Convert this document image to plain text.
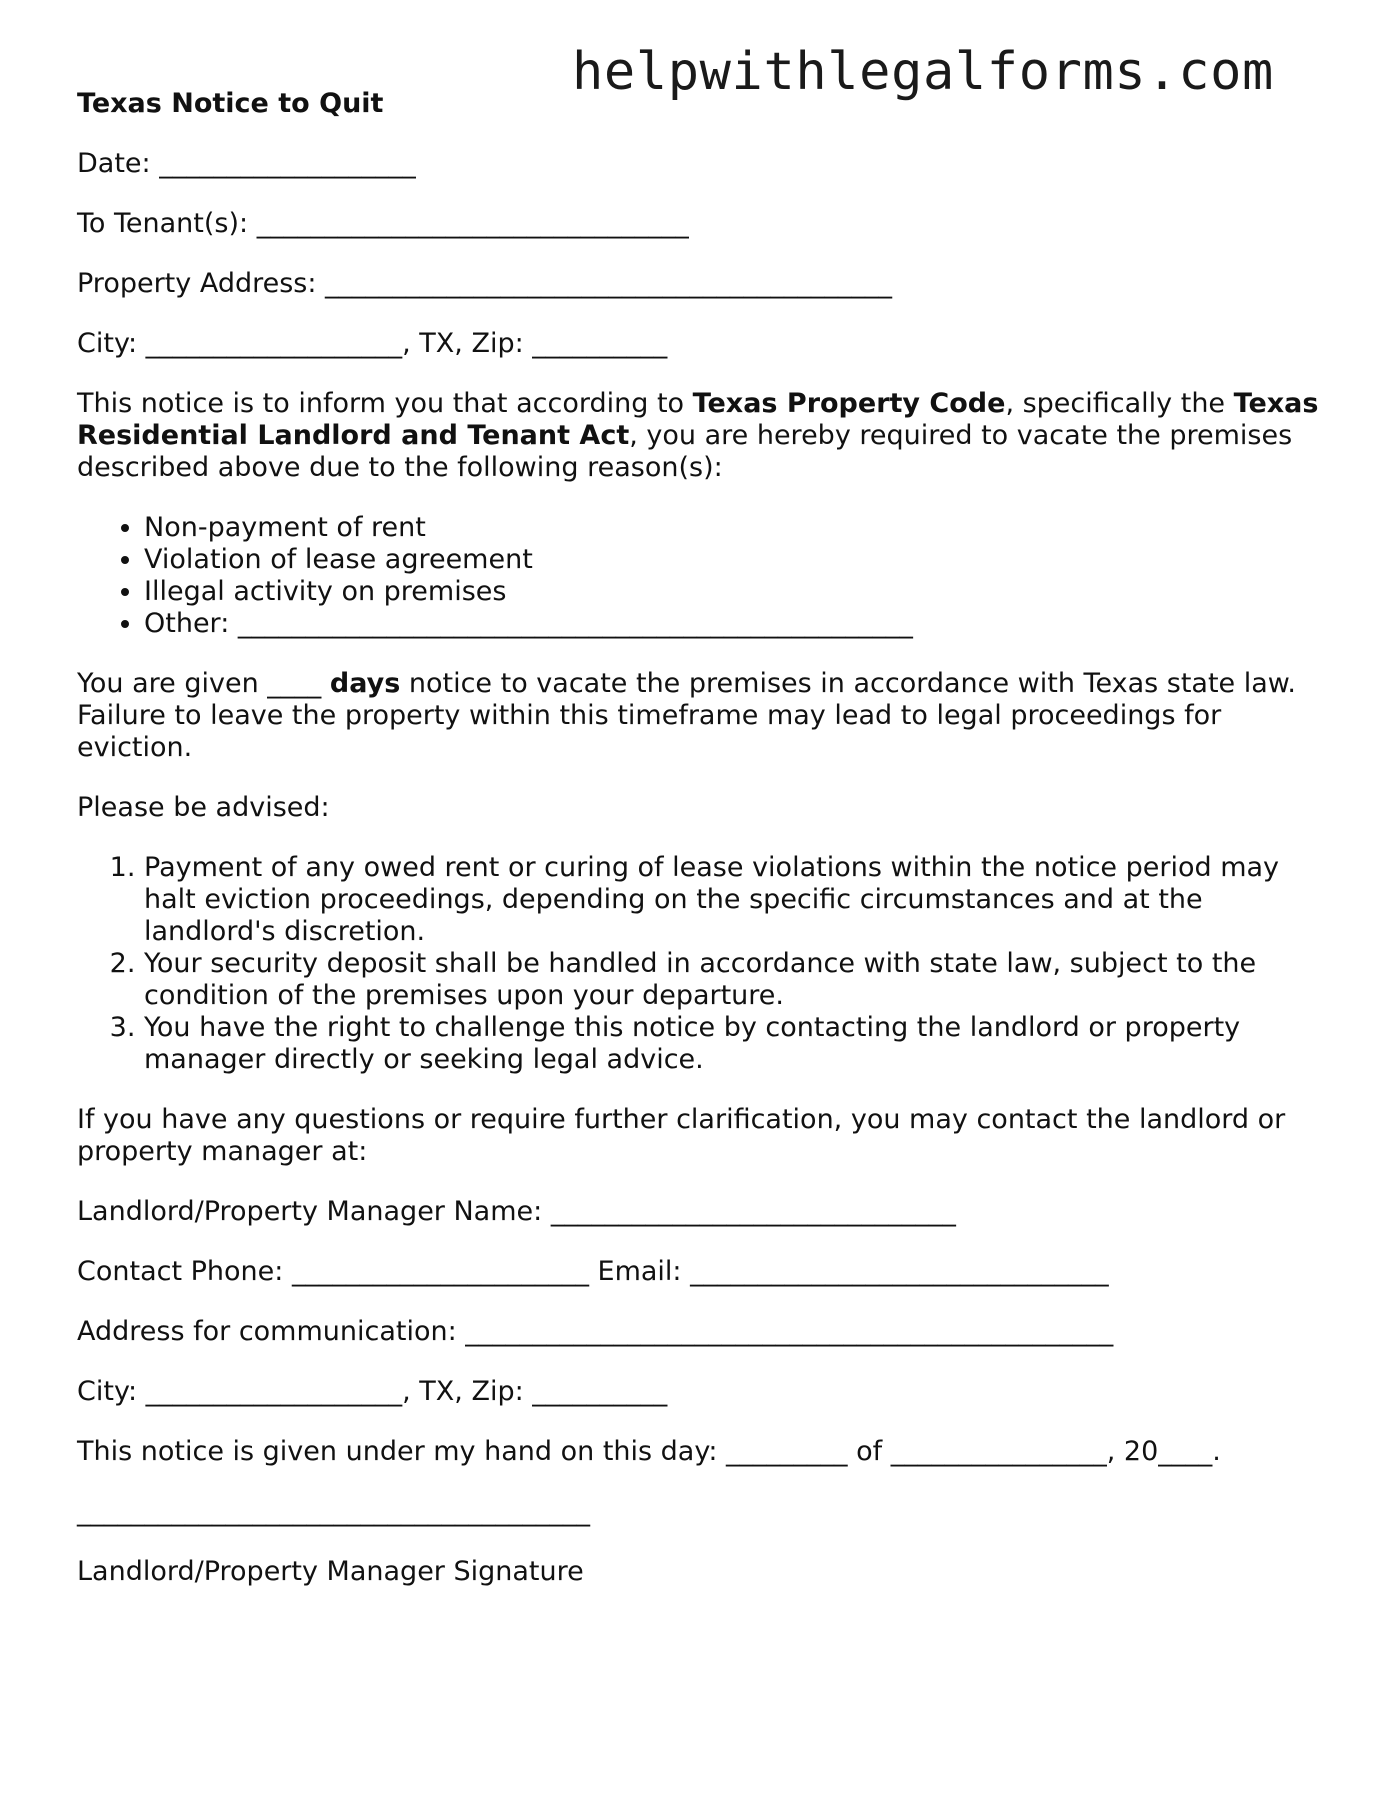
helpwithlegalforms.com
Texas Notice to Quit

Date: ___________________

To Tenant(s): ________________________________

Property Address: __________________________________________

City: ___________________, TX, Zip: __________

This notice is to inform you that according to Texas Property Code, specifically the Texas Residential Landlord and Tenant Act, you are hereby required to vacate the premises described above due to the following reason(s):

• Non-payment of rent
• Violation of lease agreement
• Illegal activity on premises
• Other: __________________________________________________

You are given ____ days notice to vacate the premises in accordance with Texas state law. Failure to leave the property within this timeframe may lead to legal proceedings for eviction.

Please be advised:

1. Payment of any owed rent or curing of lease violations within the notice period may halt eviction proceedings, depending on the specific circumstances and at the landlord's discretion.
2. Your security deposit shall be handled in accordance with state law, subject to the condition of the premises upon your departure.
3. You have the right to challenge this notice by contacting the landlord or property manager directly or seeking legal advice.

If you have any questions or require further clarification, you may contact the landlord or property manager at:

Landlord/Property Manager Name: ______________________________

Contact Phone: ______________________ Email: _______________________________

Address for communication: ________________________________________________

City: ___________________, TX, Zip: __________

This notice is given under my hand on this day: _________ of ________________, 20____.

______________________________________

Landlord/Property Manager Signature
